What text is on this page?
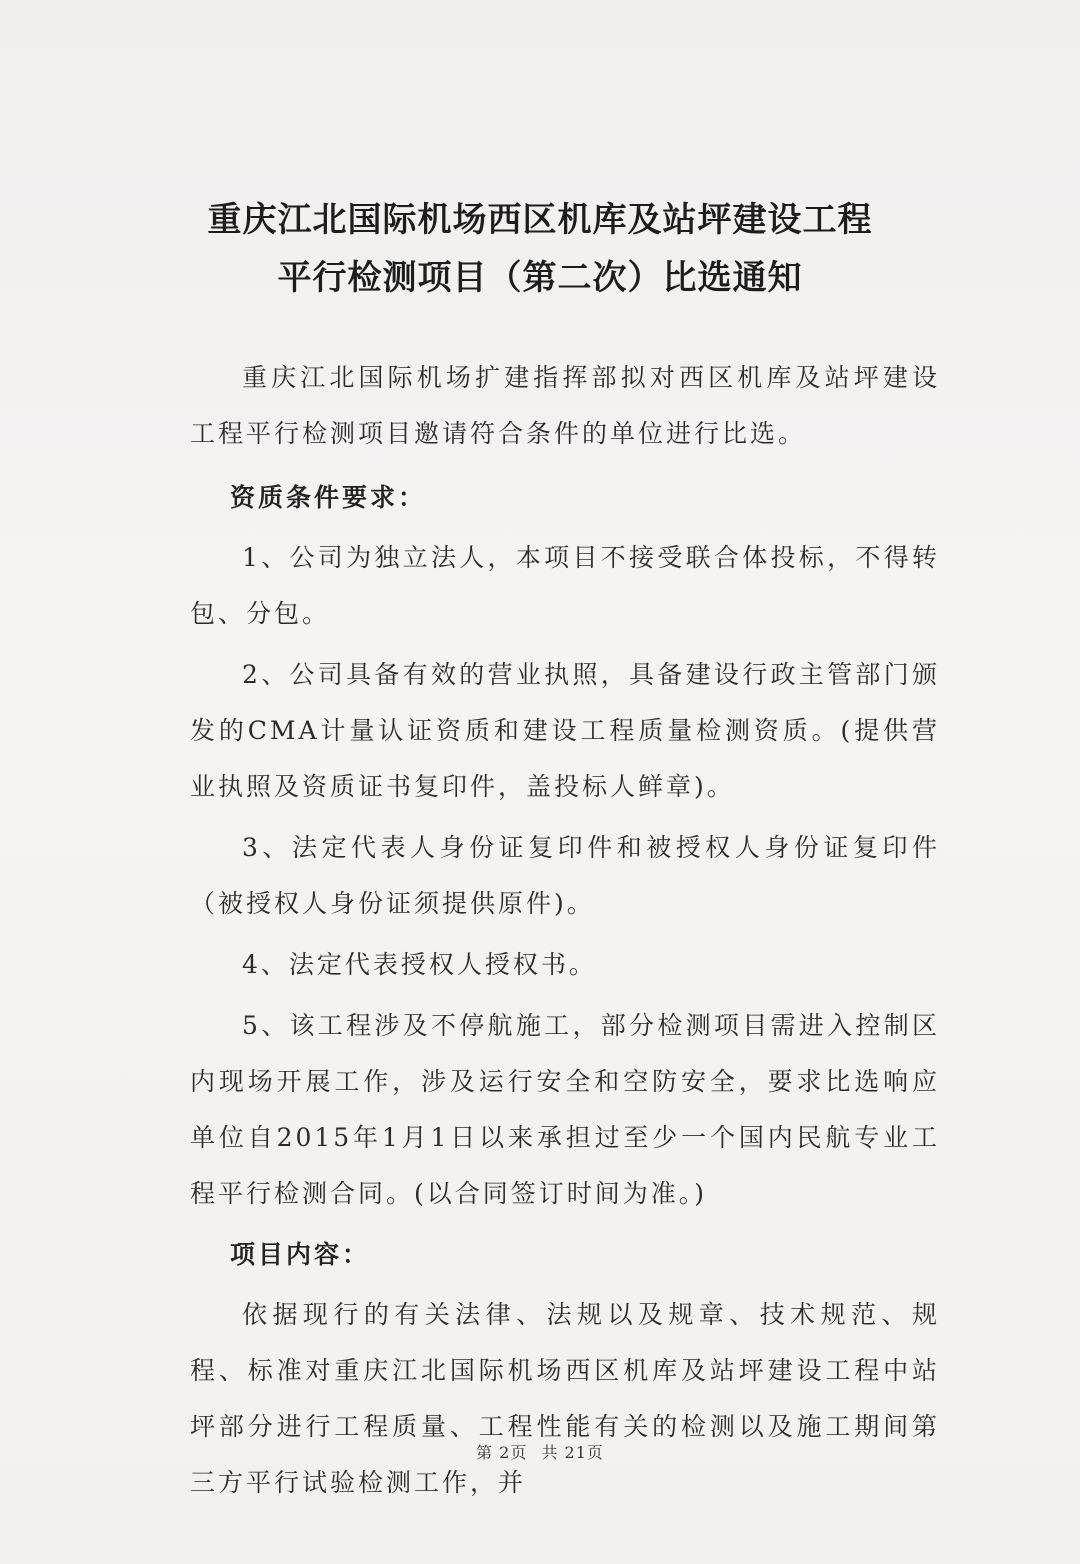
重庆江北国际机场西区机库及站坪建设工程
平行检测项目（第二次）比选通知

重庆江北国际机场扩建指挥部拟对西区机库及站坪建设工程平行检测项目邀请符合条件的单位进行比选。

资质条件要求：

1、公司为独立法人，本项目不接受联合体投标，不得转包、分包。

2、公司具备有效的营业执照，具备建设行政主管部门颁发的CMA计量认证资质和建设工程质量检测资质。(提供营业执照及资质证书复印件，盖投标人鲜章)。

3、法定代表人身份证复印件和被授权人身份证复印件（被授权人身份证须提供原件)。

4、法定代表授权人授权书。

5、该工程涉及不停航施工，部分检测项目需进入控制区内现场开展工作，涉及运行安全和空防安全，要求比选响应单位自2015年1月1日以来承担过至少一个国内民航专业工程平行检测合同。(以合同签订时间为准。)

项目内容：

依据现行的有关法律、法规以及规章、技术规范、规程、标准对重庆江北国际机场西区机库及站坪建设工程中站坪部分进行工程质量、工程性能有关的检测以及施工期间第三方平行试验检测工作，并

第 2页 共 21页
